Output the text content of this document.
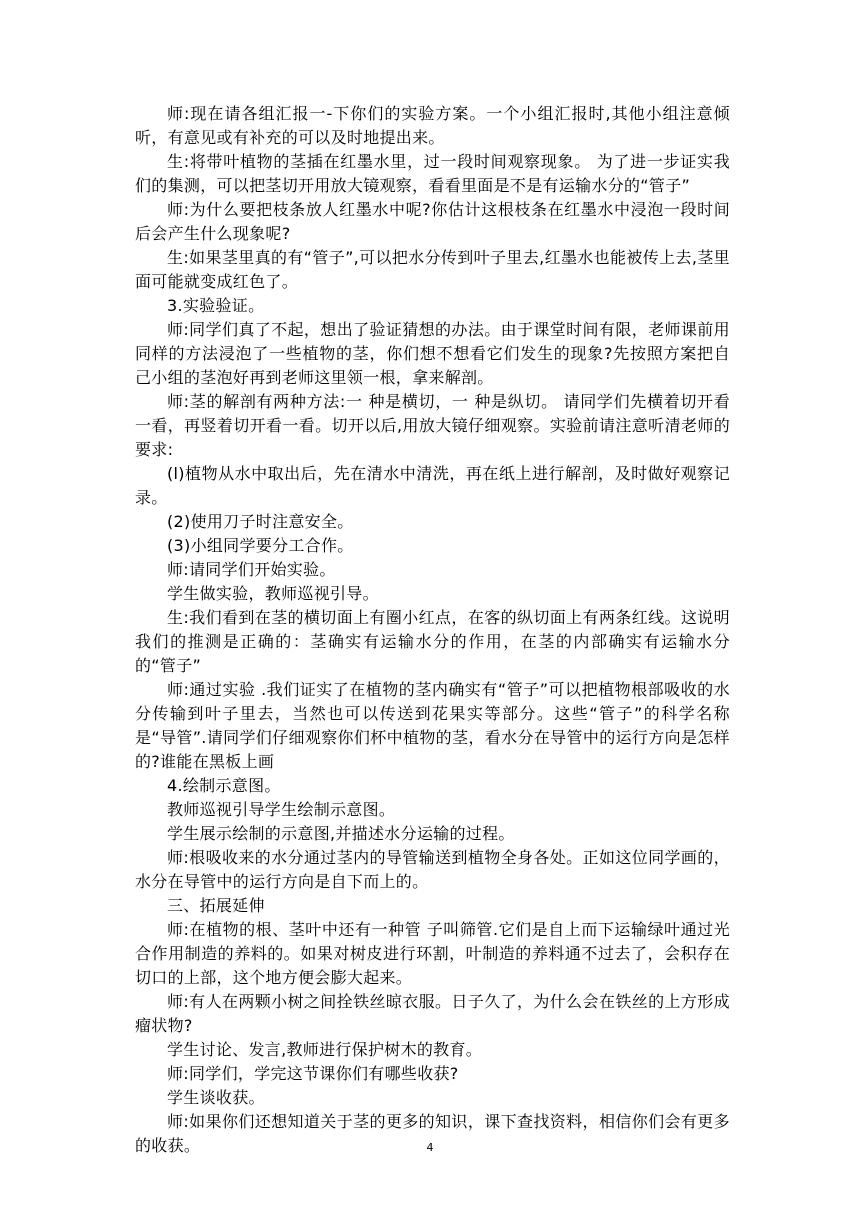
师:现在请各组汇报一-下你们的实验方案。一个小组汇报时,其他小组注意倾听，有意见或有补充的可以及时地提出来。

生:将带叶植物的茎插在红墨水里，过一段时间观察现象。 为了进一步证实我们的集测，可以把茎切开用放大镜观察，看看里面是不是有运输水分的“管子”

师:为什么要把枝条放人红墨水中呢?你估计这根枝条在红墨水中浸泡一段时间后会产生什么现象呢?

生:如果茎里真的有“管子”,可以把水分传到叶子里去,红墨水也能被传上去,茎里面可能就变成红色了。

3.实验验证。

师:同学们真了不起，想出了验证猜想的办法。由于课堂时间有限，老师课前用同样的方法浸泡了一些植物的茎，你们想不想看它们发生的现象?先按照方案把自己小组的茎泡好再到老师这里领一根，拿来解剖。

师:茎的解剖有两种方法:一 种是横切，一 种是纵切。 请同学们先横着切开看一看，再竖着切开看一看。切开以后,用放大镜仔细观察。实验前请注意听清老师的要求:

(l)植物从水中取出后，先在清水中清洗，再在纸上进行解剖，及时做好观察记录。

(2)使用刀子时注意安全。

(3)小组同学要分工合作。

师:请同学们开始实验。

学生做实验，教师巡视引导。

生:我们看到在茎的横切面上有圈小红点，在客的纵切面上有两条红线。这说明我们的推测是正确的：茎确实有运输水分的作用，在茎的内部确实有运输水分的“管子”

师:通过实验 .我们证实了在植物的茎内确实有“管子”可以把植物根部吸收的水分传输到叶子里去，当然也可以传送到花果实等部分。这些“管子”的科学名称是“导管”.请同学们仔细观察你们杯中植物的茎，看水分在导管中的运行方向是怎样的?谁能在黑板上画

4.绘制示意图。

教师巡视引导学生绘制示意图。

学生展示绘制的示意图,并描述水分运输的过程。

师:根吸收来的水分通过茎内的导管输送到植物全身各处。正如这位同学画的，水分在导管中的运行方向是自下而上的。

三、拓展延伸

师:在植物的根、茎叶中还有一种管 子叫筛管.它们是自上而下运输绿叶通过光合作用制造的养料的。如果对树皮进行环割，叶制造的养料通不过去了，会积存在切口的上部，这个地方便会膨大起来。

师:有人在两颗小树之间拴铁丝晾衣服。日子久了，为什么会在铁丝的上方形成瘤状物?

学生讨论、发言,教师进行保护树木的教育。

师:同学们，学完这节课你们有哪些收获?

学生谈收获。

师:如果你们还想知道关于茎的更多的知识，课下查找资料，相信你们会有更多的收获。	4
